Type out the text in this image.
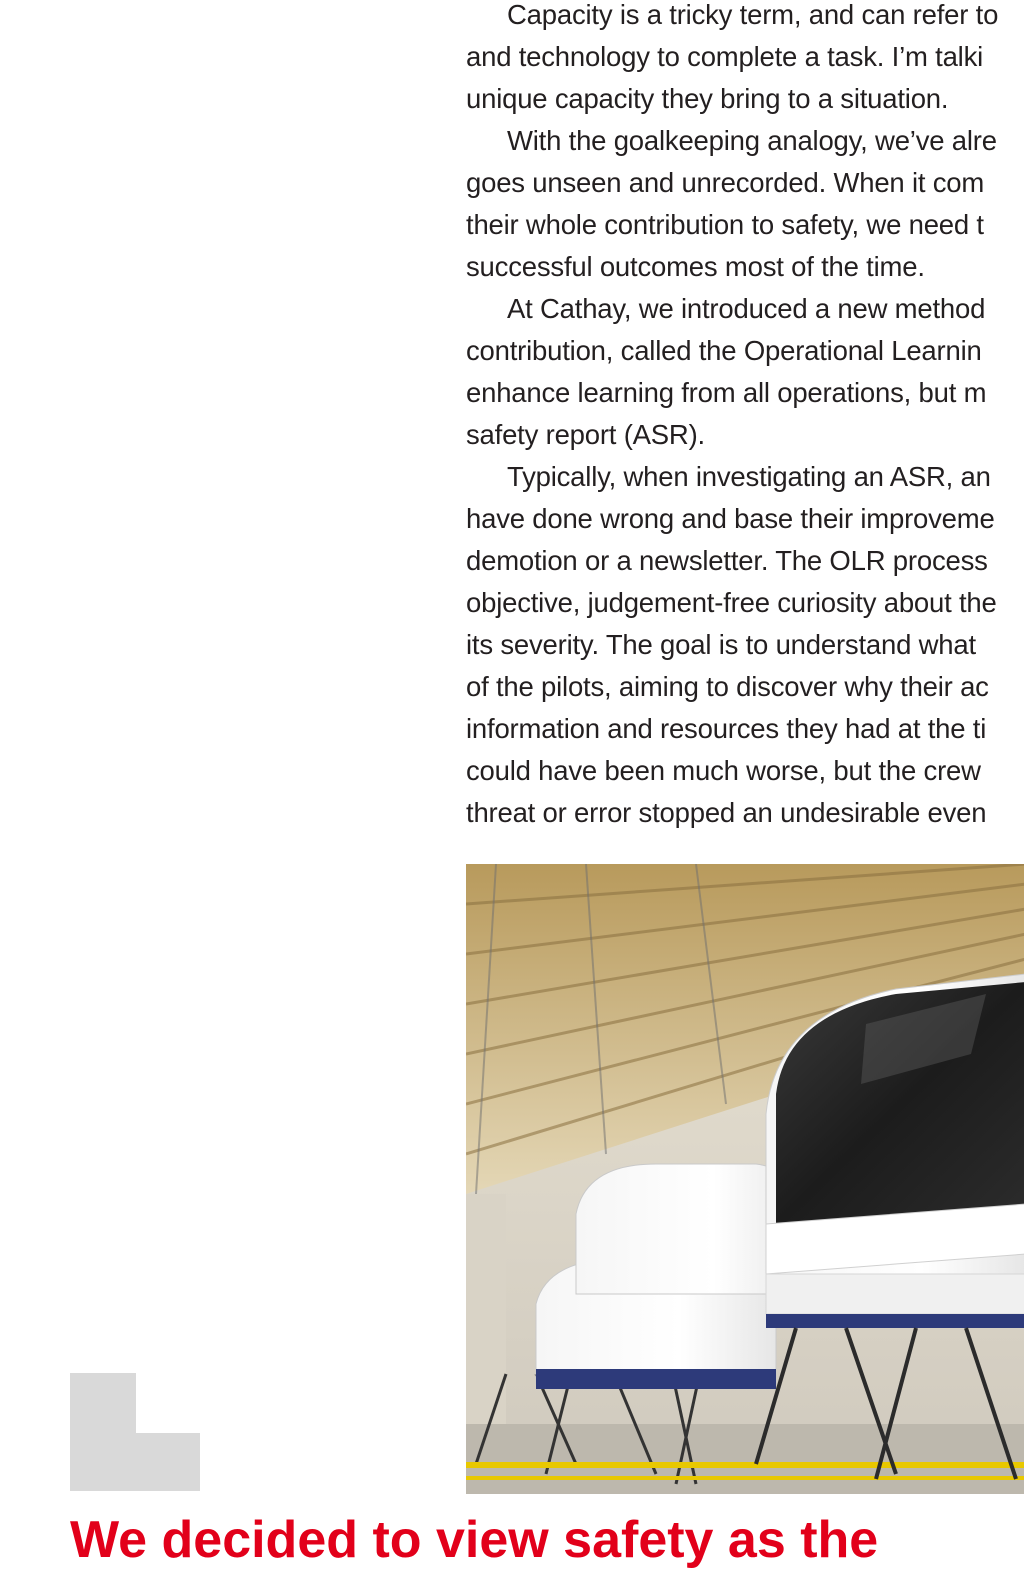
Capacity is a tricky term, and can refer to
and technology to complete a task. I’m talki
unique capacity they bring to a situation.
With the goalkeeping analogy, we’ve alre
goes unseen and unrecorded. When it com
their whole contribution to safety, we need t
successful outcomes most of the time.
At Cathay, we introduced a new method
contribution, called the Operational Learnin
enhance learning from all operations, but m
safety report (ASR).
Typically, when investigating an ASR, an
have done wrong and base their improveme
demotion or a newsletter. The OLR process
objective, judgement-free curiosity about the
its severity. The goal is to understand what
of the pilots, aiming to discover why their ac
information and resources they had at the ti
could have been much worse, but the crew
threat or error stopped an undesirable even
We decided to view safety as the
